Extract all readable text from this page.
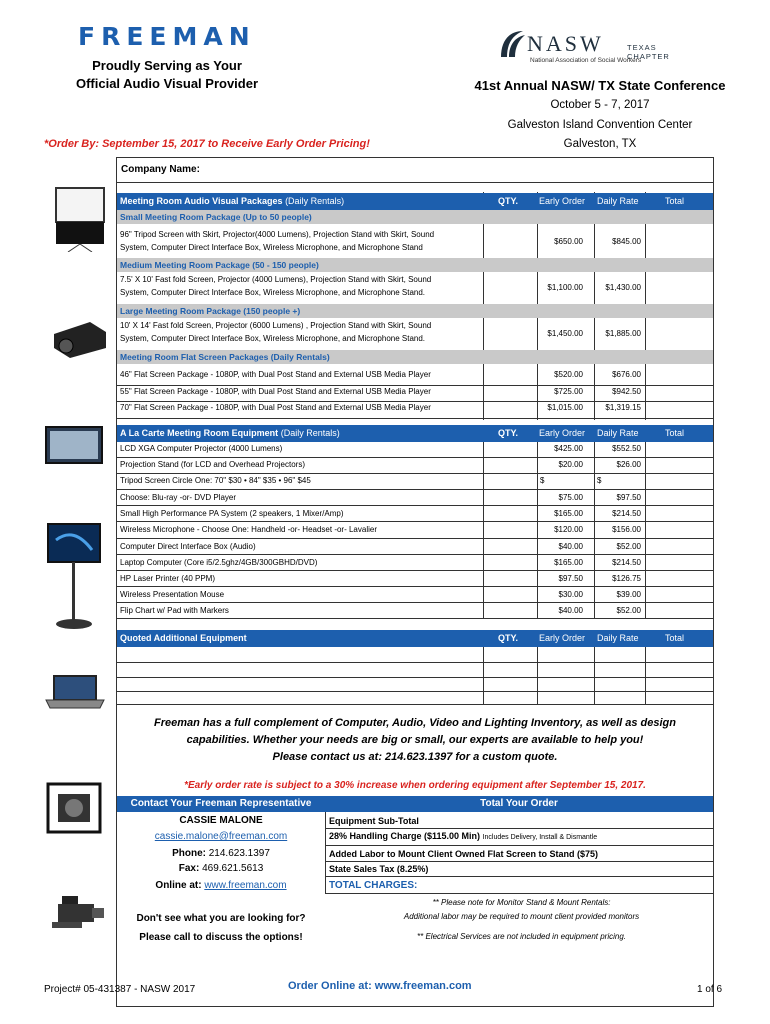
FREEMAN	NASW	TEXAS CHAPTER
National Association of Social Workers
Proudly Serving as Your
Official Audio Visual Provider	41st Annual NASW/ TX State Conference
October 5 - 7, 2017
Galveston Island Convention Center
Galveston, TX
*Order By: September 15, 2017 to Receive Early Order Pricing!
Company Name:
Meeting Room Audio Visual Packages (Daily Rentals)	QTY. Early Order Daily Rate	Total
Small Meeting Room Package (Up to 50 people)
96" Tripod Screen with Skirt, Projector(4000 Lumens), Projection Stand with Skirt, Sound
System, Computer Direct Interface Box, Wireless Microphone, and Microphone Stand
$650.00	$845.00
Medium Meeting Room Package (50 - 150 people)
7.5' X 10' Fast fold Screen, Projector (4000 Lumens), Projection Stand with Skirt, Sound
System, Computer Direct Interface Box, Wireless Microphone, and Microphone Stand.
$1,100.00	$1,430.00
Large Meeting Room Package (150 people +)
10' X 14' Fast fold Screen, Projector (6000 Lumens) , Projection Stand with Skirt, Sound
System, Computer Direct Interface Box, Wireless Microphone, and Microphone Stand.
$1,450.00	$1,885.00
Meeting Room Flat Screen Packages (Daily Rentals)
46" Flat Screen Package - 1080P, with Dual Post Stand and External USB Media Player	$520.00	$676.00
55" Flat Screen Package - 1080P, with Dual Post Stand and External USB Media Player	$725.00	$942.50
70" Flat Screen Package - 1080P, with Dual Post Stand and External USB Media Player	$1,015.00	$1,319.15
A La Carte Meeting Room Equipment (Daily Rentals)	QTY. Early Order Daily Rate	Total
LCD XGA Computer Projector (4000 Lumens)	$425.00	$552.50
Projection Stand (for LCD and Overhead Projectors)	$20.00	$26.00
Tripod Screen Circle One: 70" $30 • 84" $35 • 96" $45	$	$
Choose: Blu-ray -or- DVD Player	$75.00	$97.50
Small High Performance PA System (2 speakers, 1 Mixer/Amp)	$165.00	$214.50
Wireless Microphone - Choose One: Handheld -or- Headset -or- Lavalier	$120.00	$156.00
Computer Direct Interface Box (Audio)	$40.00	$52.00
Laptop Computer (Core i5/2.5ghz/4GB/300GBHD/DVD)	$165.00	$214.50
HP Laser Printer (40 PPM)	$97.50	$126.75
Wireless Presentation Mouse	$30.00	$39.00
Flip Chart w/ Pad with Markers	$40.00	$52.00
Quoted Additional Equipment	QTY. Early Order Daily Rate	Total
Freeman has a full complement of Computer, Audio, Video and Lighting Inventory, as well as design
capabilities. Whether your needs are big or small, our experts are available to help you!
Please contact us at: 214.623.1397 for a custom quote.
*Early order rate is subject to a 30% increase when ordering equipment after September 15, 2017.
Contact Your Freeman Representative	Total Your Order
CASSIE MALONE
cassie.malone@freeman.com
Phone: 214.623.1397
Fax: 469.621.5613
Online at: www.freeman.com
Don't see what you are looking for?
Please call to discuss the options!
Equipment Sub-Total
28% Handling Charge ($115.00 Min) Includes Delivery, Install & Dismantle
Added Labor to Mount Client Owned Flat Screen to Stand ($75)
State Sales Tax (8.25%)
TOTAL CHARGES:
** Please note for Monitor Stand & Mount Rentals:
Additional labor may be required to mount client provided monitors
** Electrical Services are not included in equipment pricing.
Project# 05-431387 - NASW 2017	Order Online at: www.freeman.com	1 of 6
